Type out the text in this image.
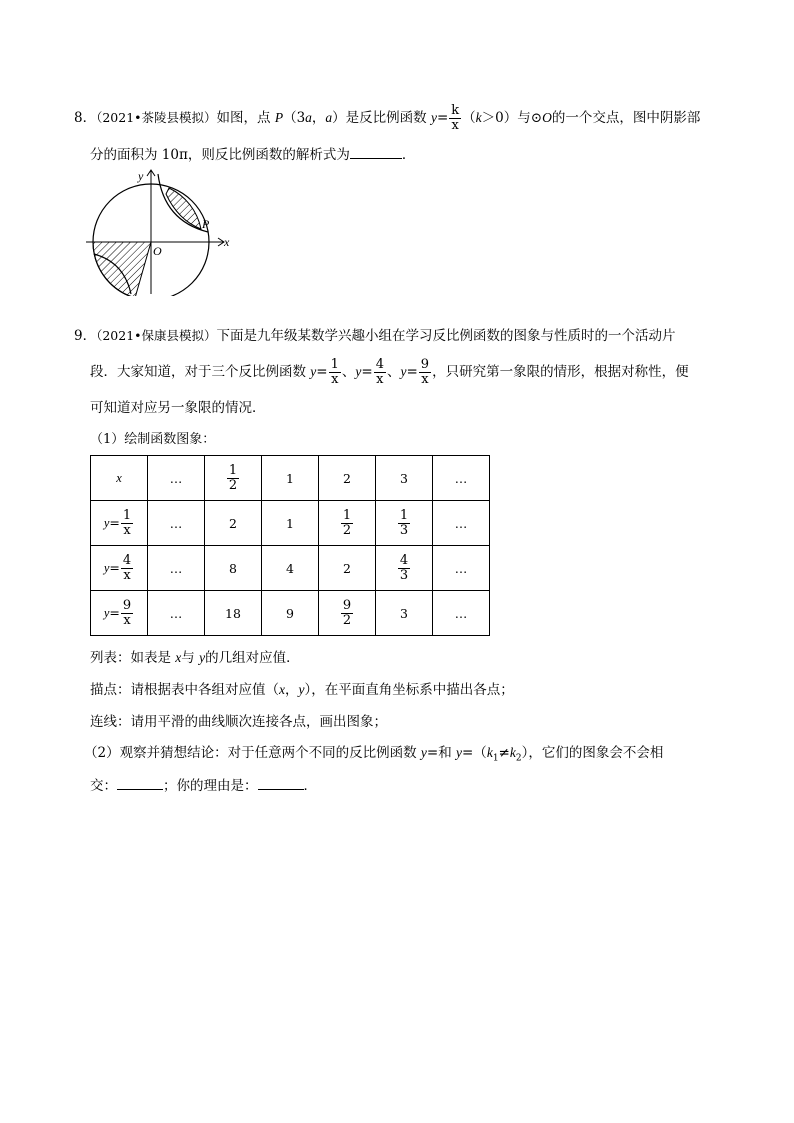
8．（2021•茶陵县模拟）如图，点 P（3a，a）是反比例函数 $y= \frac{k}{x} (k>0)$与⊙O的一个交点，图中阴影部
分的面积为 10π，则反比例函数的解析式为	．
y
x
O
P
9．（2021•保康县模拟）下面是九年级某数学兴趣小组在学习反比例函数的图象与性质时的一个活动片
段．大家知道，对于三个反比例函数 $y= \frac{1}{x}$ 、$y= \frac{4}{x}$ 、$y= \frac{9}{x}$ ，只研究第一象限的情形，根据对称性，便
可知道对应另一象限的情况．
（1）绘制函数图象：
x	…	$\frac{1}{2}$	1	2	3	…
$y= \frac{1}{x}$	…	2	1	$\frac{1}{2}$	$\frac{1}{3}$	…
$y= \frac{4}{x}$	…	8	4	2	$\frac{4}{3}$	…
$y= \frac{9}{x}$	…	18	9	$\frac{9}{2}$	3	…
列表：如表是 x与 y的几组对应值．
描点：请根据表中各组对应值（x，y），在平面直角坐标系中描出各点；
连线：请用平滑的曲线顺次连接各点，画出图象；
（2）观察并猜想结论：对于任意两个不同的反比例函数 y=和 $y=(k_1\ne k_2)$，它们的图象会不会相
交：	；你的理由是：	．
